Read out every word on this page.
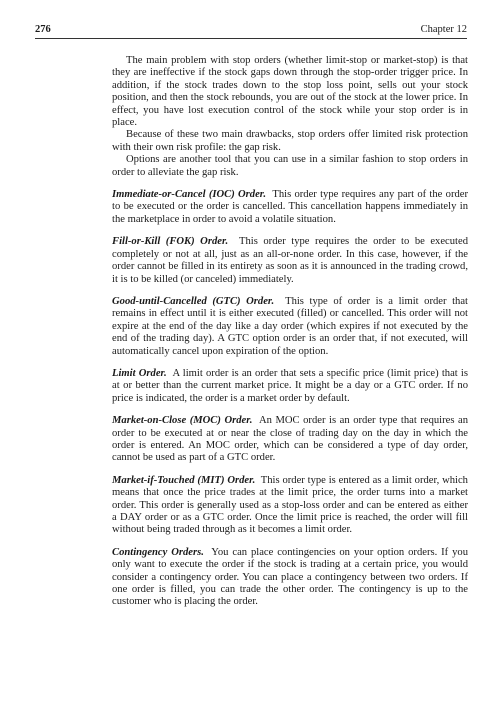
276	Chapter 12

The main problem with stop orders (whether limit-stop or market-stop) is that they are ineffective if the stock gaps down through the stop-order trigger price. In addition, if the stock trades down to the stop loss point, sells out your stock position, and then the stock rebounds, you are out of the stock at the lower price. In effect, you have lost execution control of the stock while your stop order is in place.

Because of these two main drawbacks, stop orders offer limited risk protection with their own risk profile: the gap risk.

Options are another tool that you can use in a similar fashion to stop orders in order to alleviate the gap risk.

Immediate-or-Cancel (IOC) Order. This order type requires any part of the order to be executed or the order is cancelled. This cancellation happens immediately in the marketplace in order to avoid a volatile situation.

Fill-or-Kill (FOK) Order. This order type requires the order to be executed completely or not at all, just as an all-or-none order. In this case, however, if the order cannot be filled in its entirety as soon as it is announced in the trading crowd, it is to be killed (or canceled) immediately.

Good-until-Cancelled (GTC) Order. This type of order is a limit order that remains in effect until it is either executed (filled) or cancelled. This order will not expire at the end of the day like a day order (which expires if not executed by the end of the trading day). A GTC option order is an order that, if not executed, will automatically cancel upon expiration of the option.

Limit Order. A limit order is an order that sets a specific price (limit price) that is at or better than the current market price. It might be a day or a GTC order. If no price is indicated, the order is a market order by default.

Market-on-Close (MOC) Order. An MOC order is an order type that requires an order to be executed at or near the close of trading day on the day in which the order is entered. An MOC order, which can be considered a type of day order, cannot be used as part of a GTC order.

Market-if-Touched (MIT) Order. This order type is entered as a limit order, which means that once the price trades at the limit price, the order turns into a market order. This order is generally used as a stop-loss order and can be entered as either a DAY order or as a GTC order. Once the limit price is reached, the order will fill without being traded through as it becomes a limit order.

Contingency Orders. You can place contingencies on your option orders. If you only want to execute the order if the stock is trading at a certain price, you would consider a contingency order. You can place a contingency between two orders. If one order is filled, you can trade the other order. The contingency is up to the customer who is placing the order.
